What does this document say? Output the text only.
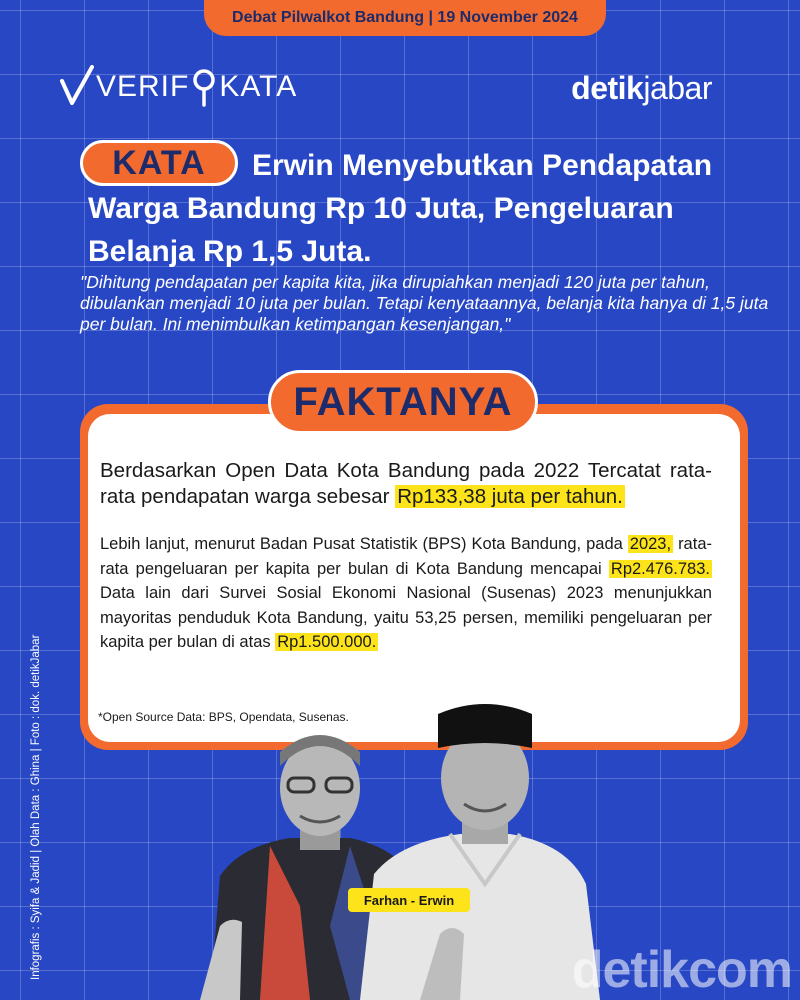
Debat Pilwalkot Bandung | 19 November 2024
VERIF KATA	detikjabar
KATA	Erwin Menyebutkan Pendapatan Warga Bandung Rp 10 Juta, Pengeluaran Belanja Rp 1,5 Juta.
"Dihitung pendapatan per kapita kita, jika dirupiahkan menjadi 120 juta per tahun, dibulankan menjadi 10 juta per bulan. Tetapi kenyataannya, belanja kita hanya di 1,5 juta per bulan. Ini menimbulkan ketimpangan kesenjangan,"
FAKTANYA
Berdasarkan Open Data Kota Bandung pada 2022 Tercatat rata-rata pendapatan warga sebesar Rp133,38 juta per tahun.
Lebih lanjut, menurut Badan Pusat Statistik (BPS) Kota Bandung, pada 2023, rata-rata pengeluaran per kapita per bulan di Kota Bandung mencapai Rp2.476.783. Data lain dari Survei Sosial Ekonomi Nasional (Susenas) 2023 menunjukkan mayoritas penduduk Kota Bandung, yaitu 53,25 persen, memiliki pengeluaran per kapita per bulan di atas Rp1.500.000.
*Open Source Data: BPS, Opendata, Susenas.
Farhan - Erwin
Infografis : Syifa & Jadid | Olah Data : Ghina | Foto : dok. detikJabar	detikcom
